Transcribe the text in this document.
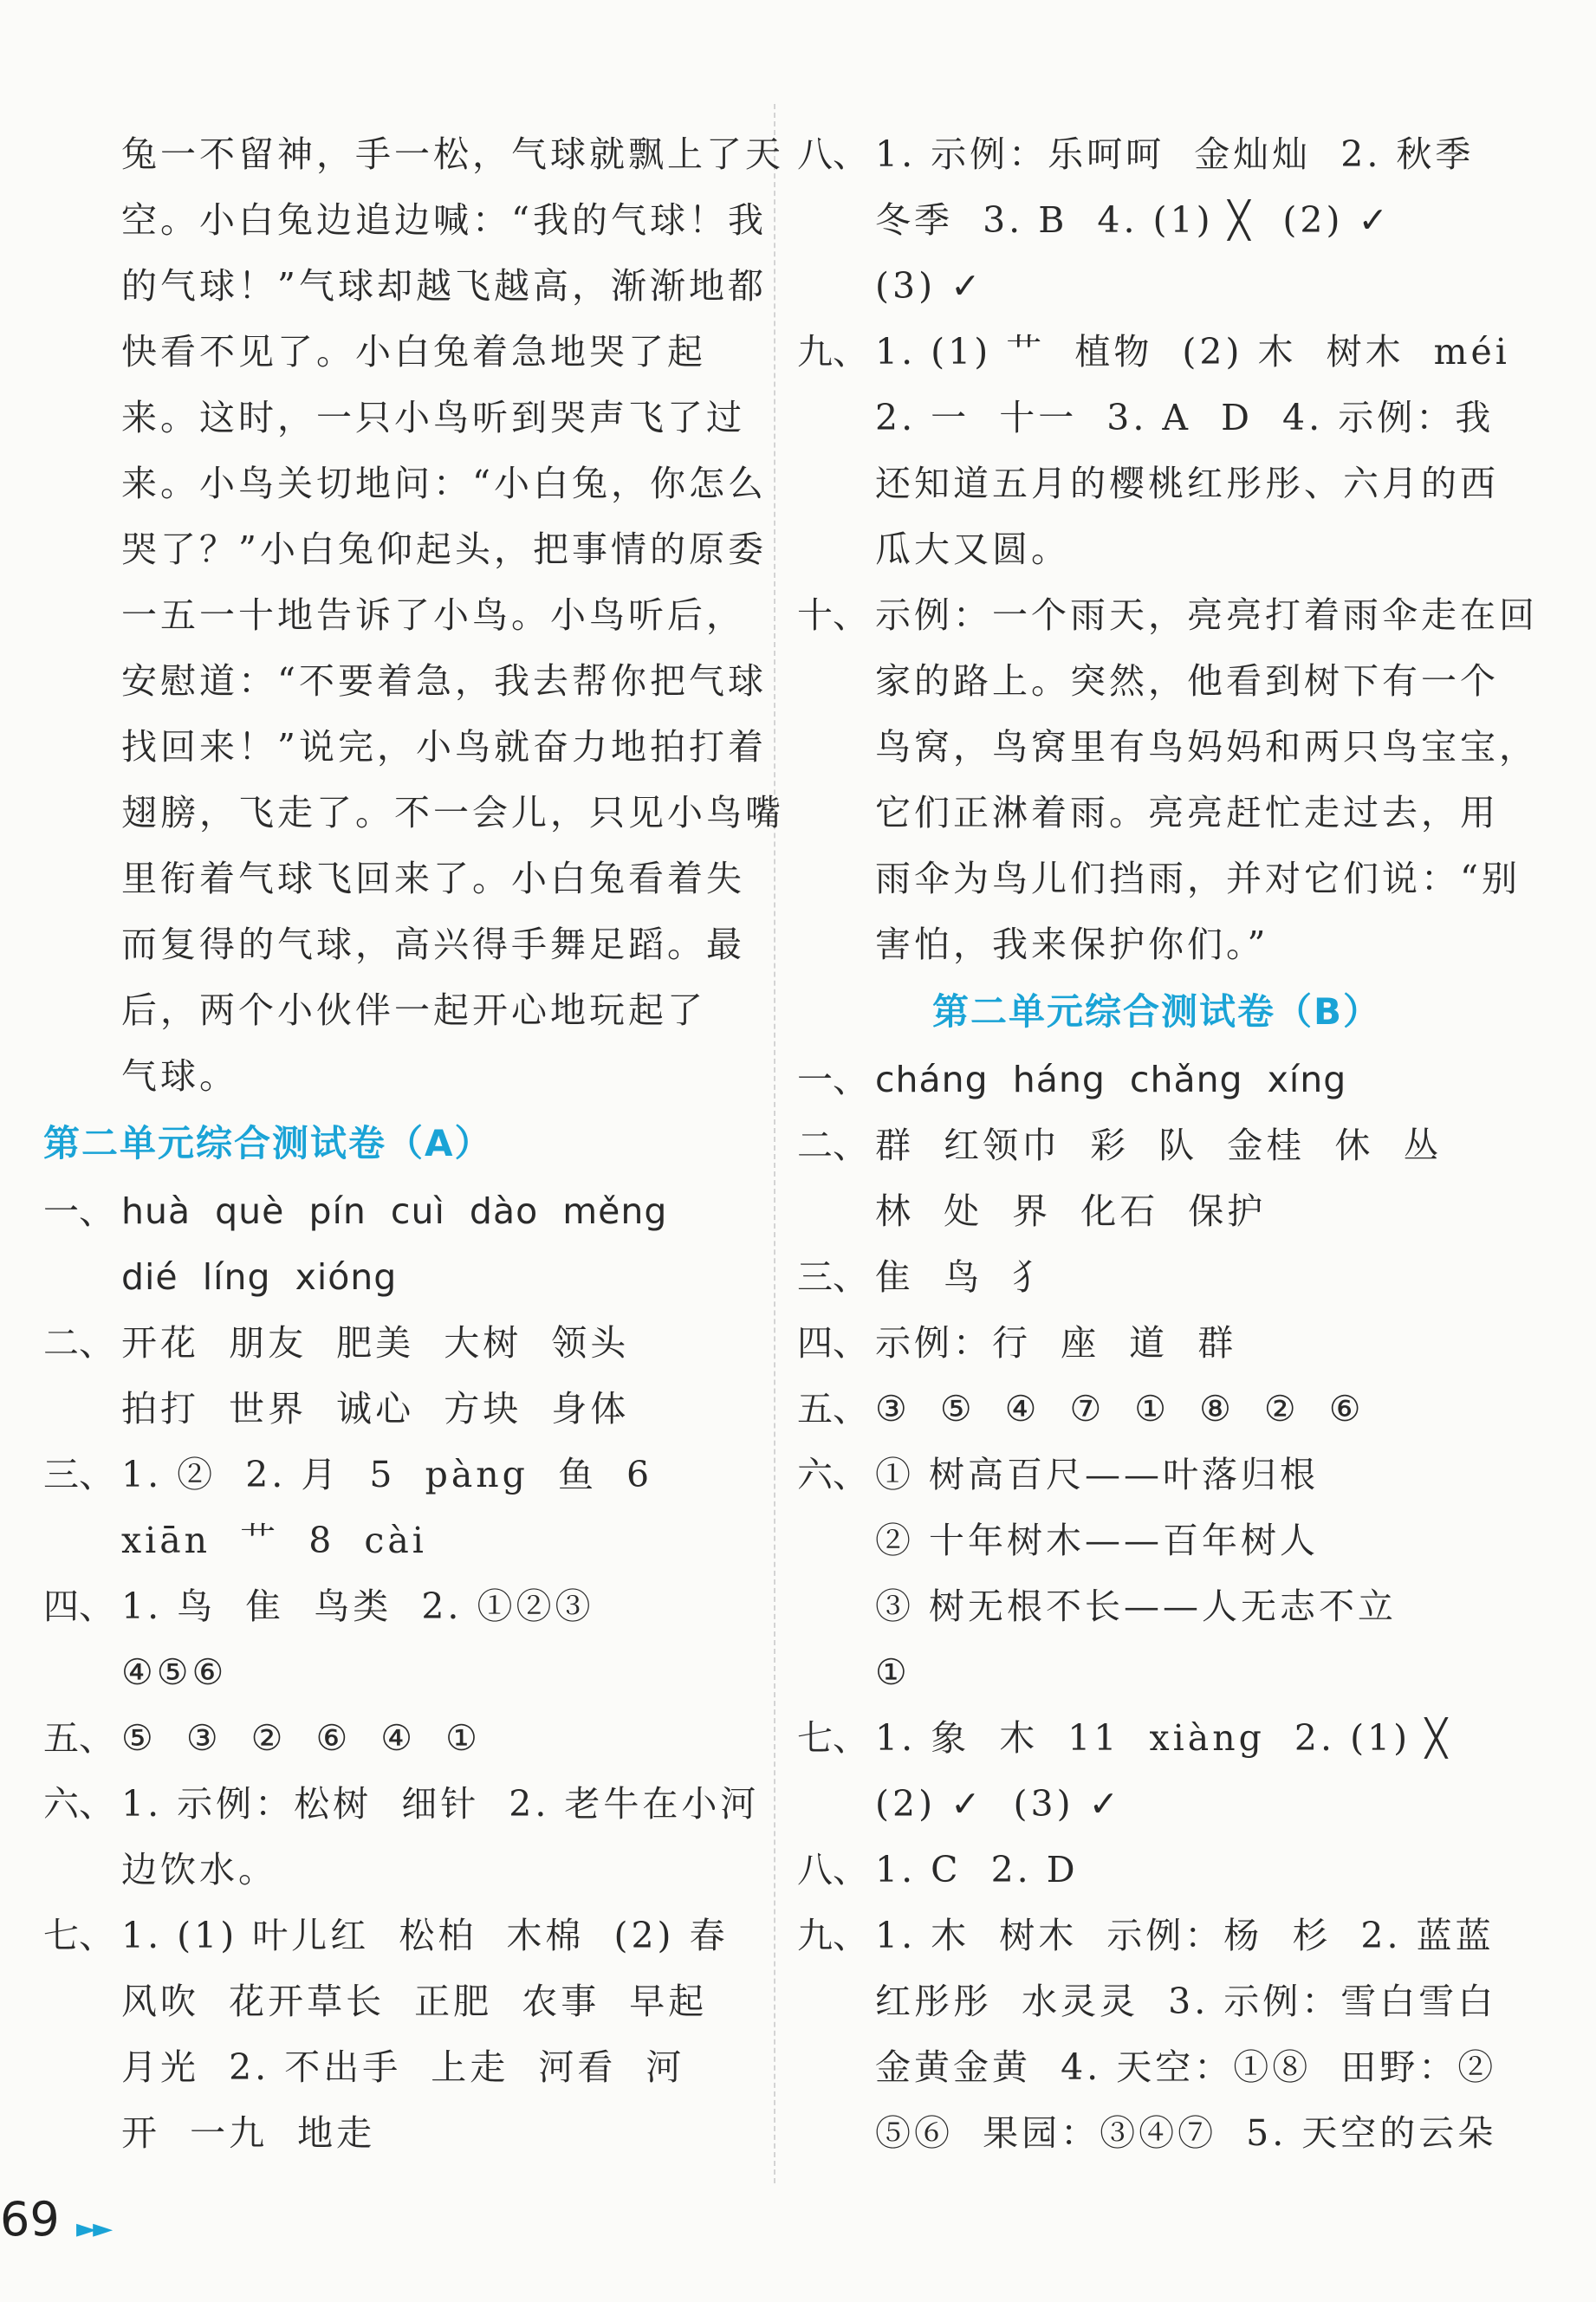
兔一不留神，手一松，气球就飘上了天
空。小白兔边追边喊：“我的气球！我
的气球！”气球却越飞越高，渐渐地都
快看不见了。小白兔着急地哭了起
来。这时，一只小鸟听到哭声飞了过
来。小鸟关切地问：“小白兔，你怎么
哭了？”小白兔仰起头，把事情的原委
一五一十地告诉了小鸟。小鸟听后，
安慰道：“不要着急，我去帮你把气球
找回来！”说完，小鸟就奋力地拍打着
翅膀，飞走了。不一会儿，只见小鸟嘴
里衔着气球飞回来了。小白兔看着失
而复得的气球，高兴得手舞足蹈。最
后，两个小伙伴一起开心地玩起了
气球。
第二单元综合测试卷（A）
一、 huà  què  pín  cuì  dào  měng
dié  líng  xióng
二、 开花  朋友  肥美  大树  领头
拍打  世界  诚心  方块  身体
三、 1. ②  2. 月  5  pàng  鱼  6
xiān  艹  8  cài
四、 1. 鸟  隹  鸟类  2. ①②③
④⑤⑥
五、 ⑤  ③  ②  ⑥  ④  ①
六、 1. 示例：松树  细针  2. 老牛在小河
边饮水。
七、 1. (1) 叶儿红  松柏  木棉  (2) 春
风吹  花开草长  正肥  农事  早起
月光  2. 不出手  上走  河看  河
开  一九  地走
八、 1. 示例：乐呵呵  金灿灿  2. 秋季
冬季  3. B  4. (1) ╳  (2) ✓
(3) ✓
九、 1. (1) 艹  植物  (2) 木  树木  méi
2. 一  十一  3. A  D  4. 示例：我
还知道五月的樱桃红彤彤、六月的西
瓜大又圆。
十、 示例：一个雨天，亮亮打着雨伞走在回
家的路上。突然，他看到树下有一个
鸟窝，鸟窝里有鸟妈妈和两只鸟宝宝，
它们正淋着雨。亮亮赶忙走过去，用
雨伞为鸟儿们挡雨，并对它们说：“别
害怕，我来保护你们。”
第二单元综合测试卷（B）
一、 cháng  háng  chǎng  xíng
二、 群  红领巾  彩  队  金桂  休  丛
林  处  界  化石  保护
三、 隹  鸟  犭
四、 示例：行  座  道  群
五、 ③  ⑤  ④  ⑦  ①  ⑧  ②  ⑥
六、 ① 树高百尺——叶落归根
② 十年树木——百年树人
③ 树无根不长——人无志不立
①
七、 1. 象  木  11  xiàng  2. (1) ╳
(2) ✓  (3) ✓
八、 1. C  2. D
九、 1. 木  树木  示例：杨  杉  2. 蓝蓝
红彤彤  水灵灵  3. 示例：雪白雪白
金黄金黄  4. 天空：①⑧  田野：②
⑤⑥  果园：③④⑦  5. 天空的云朵
69 ►►
